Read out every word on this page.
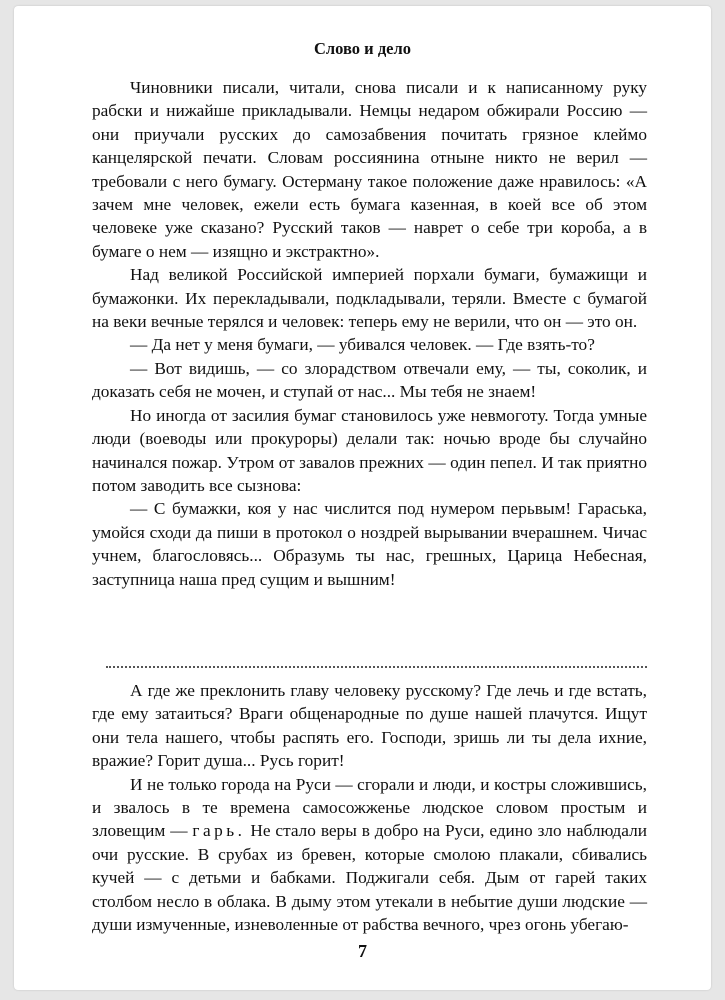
Слово и дело

Чиновники писали, читали, снова писали и к написанному руку рабски и нижайше прикладывали. Немцы недаром обжирали Россию — они приучали русских до самозабвения почитать грязное клеймо канцелярской печати. Словам россиянина отныне никто не верил — требовали с него бумагу. Остерману такое положение даже нравилось: «А зачем мне человек, ежели есть бумага казенная, в коей все об этом человеке уже сказано? Русский таков — наврет о себе три короба, а в бумаге о нем — изящно и экстрактно».

Над великой Российской империей порхали бумаги, бумажищи и бумажонки. Их перекладывали, подкладывали, теряли. Вместе с бумагой на веки вечные терялся и человек: теперь ему не верили, что он — это он.

— Да нет у меня бумаги, — убивался человек. — Где взять-то?

— Вот видишь, — со злорадством отвечали ему, — ты, соколик, и доказать себя не мочен, и ступай от нас... Мы тебя не знаем!

Но иногда от засилия бумаг становилось уже невмоготу. Тогда умные люди (воеводы или прокуроры) делали так: ночью вроде бы случайно начинался пожар. Утром от завалов прежних — один пепел. И так приятно потом заводить все сызнова:

— С бумажки, коя у нас числится под нумером перьвым! Гараська, умойся сходи да пиши в протокол о ноздрей вырывании вчерашнем. Чичас учнем, благословясь... Образумь ты нас, грешных, Царица Небесная, заступница наша пред сущим и вышним!

А где же преклонить главу человеку русскому? Где лечь и где встать, где ему затаиться? Враги общенародные по душе нашей плачутся. Ищут они тела нашего, чтобы распять его. Господи, зришь ли ты дела ихние, вражие? Горит душа... Русь горит!

И не только города на Руси — сгорали и люди, и костры сложившись, и звалось в те времена самосожженье людское словом простым и зловещим — гарь. Не стало веры в добро на Руси, едино зло наблюдали очи русские. В срубах из бревен, которые смолою плакали, сбивались кучей — с детьми и бабками. Поджигали себя. Дым от гарей таких столбом несло в облака. В дыму этом утекали в небытие души людские — души измученные, изневоленные от рабства вечного, чрез огонь убегаю-

7
